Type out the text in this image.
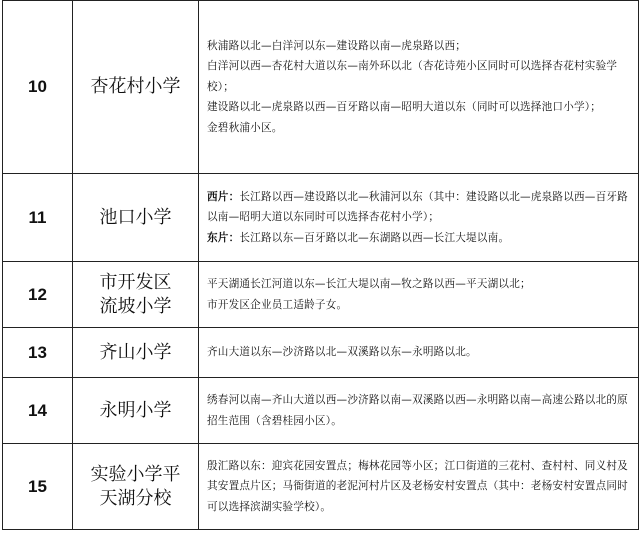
10	杏花村小学	秋浦路以北—白洋河以东—建设路以南—虎泉路以西；
白洋河以西—杏花村大道以东—南外环以北（杏花诗苑小区同时可以选择杏花村实验学校）；
建设路以北—虎泉路以西—百牙路以南—昭明大道以东（同时可以选择池口小学）；
金碧秋浦小区。

11	池口小学	西片：长江路以西—建设路以北—秋浦河以东（其中：建设路以北—虎泉路以西—百牙路以南—昭明大道以东同时可以选择杏花村小学）；
东片：长江路以东—百牙路以北—东湖路以西—长江大堤以南。

12	市开发区
流坡小学	平天湖通长江河道以东—长江大堤以南—牧之路以西—平天湖以北；
市开发区企业员工适龄子女。

13	齐山小学	齐山大道以东—沙济路以北—双溪路以东—永明路以北。

14	永明小学	绣春河以南—齐山大道以西—沙济路以南—双溪路以西—永明路以南—高速公路以北的原招生范围（含碧桂园小区）。

15	实验小学平
天湖分校	殷汇路以东：迎宾花园安置点；梅林花园等小区；江口街道的三花村、查村村、同义村及其安置点片区；马衙街道的老泥河村片区及老杨安村安置点（其中：老杨安村安置点同时可以选择滨湖实验学校）。
